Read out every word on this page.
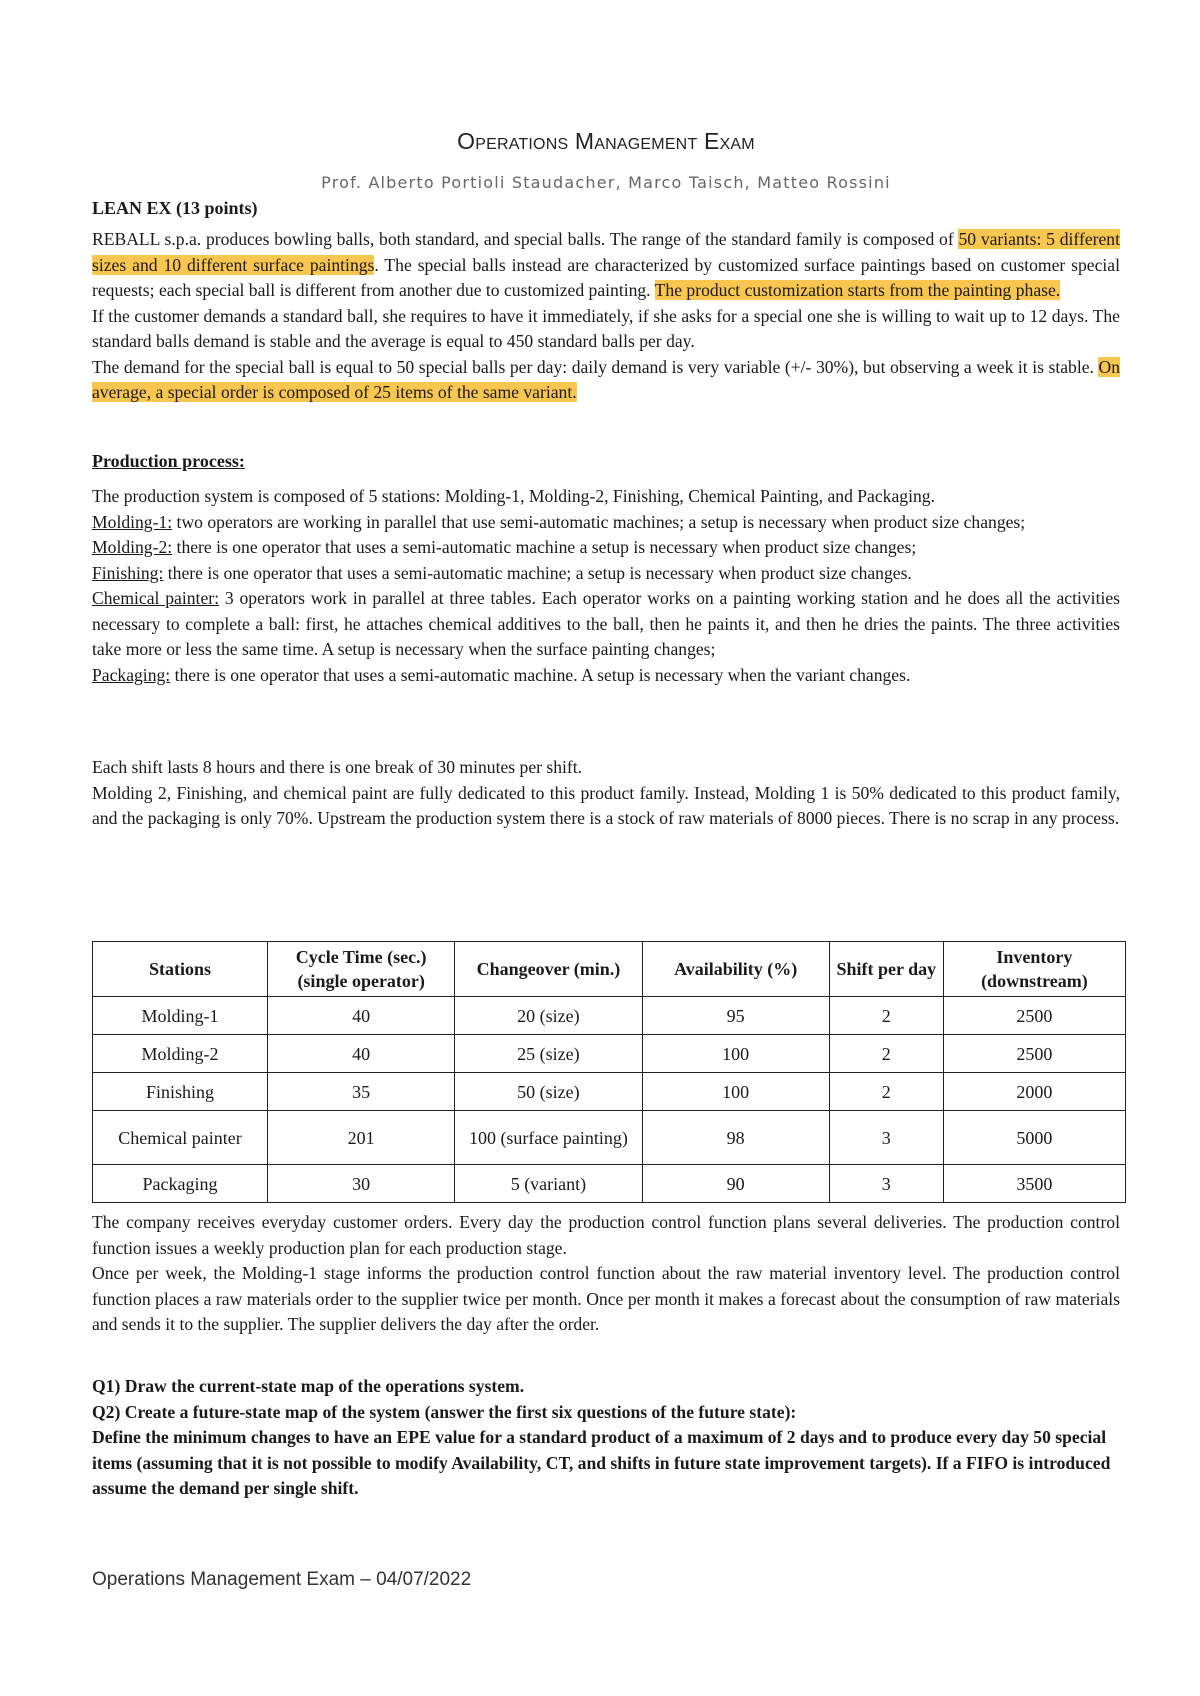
Operations Management Exam
Prof. Alberto Portioli Staudacher, Marco Taisch, Matteo Rossini
LEAN EX (13 points)

REBALL s.p.a. produces bowling balls, both standard, and special balls. The range of the standard family is composed of 50 variants: 5 different sizes and 10 different surface paintings. The special balls instead are characterized by customized surface paintings based on customer special requests; each special ball is different from another due to customized painting. The product customization starts from the painting phase.

If the customer demands a standard ball, she requires to have it immediately, if she asks for a special one she is willing to wait up to 12 days. The standard balls demand is stable and the average is equal to 450 standard balls per day.

The demand for the special ball is equal to 50 special balls per day: daily demand is very variable (+/- 30%), but observing a week it is stable. On average, a special order is composed of 25 items of the same variant.

Production process:

The production system is composed of 5 stations: Molding-1, Molding-2, Finishing, Chemical Painting, and Packaging.

Molding-1: two operators are working in parallel that use semi-automatic machines; a setup is necessary when product size changes;

Molding-2: there is one operator that uses a semi-automatic machine a setup is necessary when product size changes;

Finishing: there is one operator that uses a semi-automatic machine; a setup is necessary when product size changes.

Chemical painter: 3 operators work in parallel at three tables. Each operator works on a painting working station and he does all the activities necessary to complete a ball: first, he attaches chemical additives to the ball, then he paints it, and then he dries the paints. The three activities take more or less the same time. A setup is necessary when the surface painting changes;

Packaging: there is one operator that uses a semi-automatic machine. A setup is necessary when the variant changes.

Each shift lasts 8 hours and there is one break of 30 minutes per shift.

Molding 2, Finishing, and chemical paint are fully dedicated to this product family. Instead, Molding 1 is 50% dedicated to this product family, and the packaging is only 70%. Upstream the production system there is a stock of raw materials of 8000 pieces. There is no scrap in any process.

Stations	Cycle Time (sec.) (single operator)	Changeover (min.)	Availability (%)	Shift per day	Inventory (downstream)
Molding-1	40	20 (size)	95	2	2500
Molding-2	40	25 (size)	100	2	2500
Finishing	35	50 (size)	100	2	2000
Chemical painter	201	100 (surface painting)	98	3	5000
Packaging	30	5 (variant)	90	3	3500

The company receives everyday customer orders. Every day the production control function plans several deliveries. The production control function issues a weekly production plan for each production stage.

Once per week, the Molding-1 stage informs the production control function about the raw material inventory level. The production control function places a raw materials order to the supplier twice per month. Once per month it makes a forecast about the consumption of raw materials and sends it to the supplier. The supplier delivers the day after the order.

Q1) Draw the current-state map of the operations system.

Q2) Create a future-state map of the system (answer the first six questions of the future state):

Define the minimum changes to have an EPE value for a standard product of a maximum of 2 days and to produce every day 50 special items (assuming that it is not possible to modify Availability, CT, and shifts in future state improvement targets). If a FIFO is introduced assume the demand per single shift.

Operations Management Exam – 04/07/2022
